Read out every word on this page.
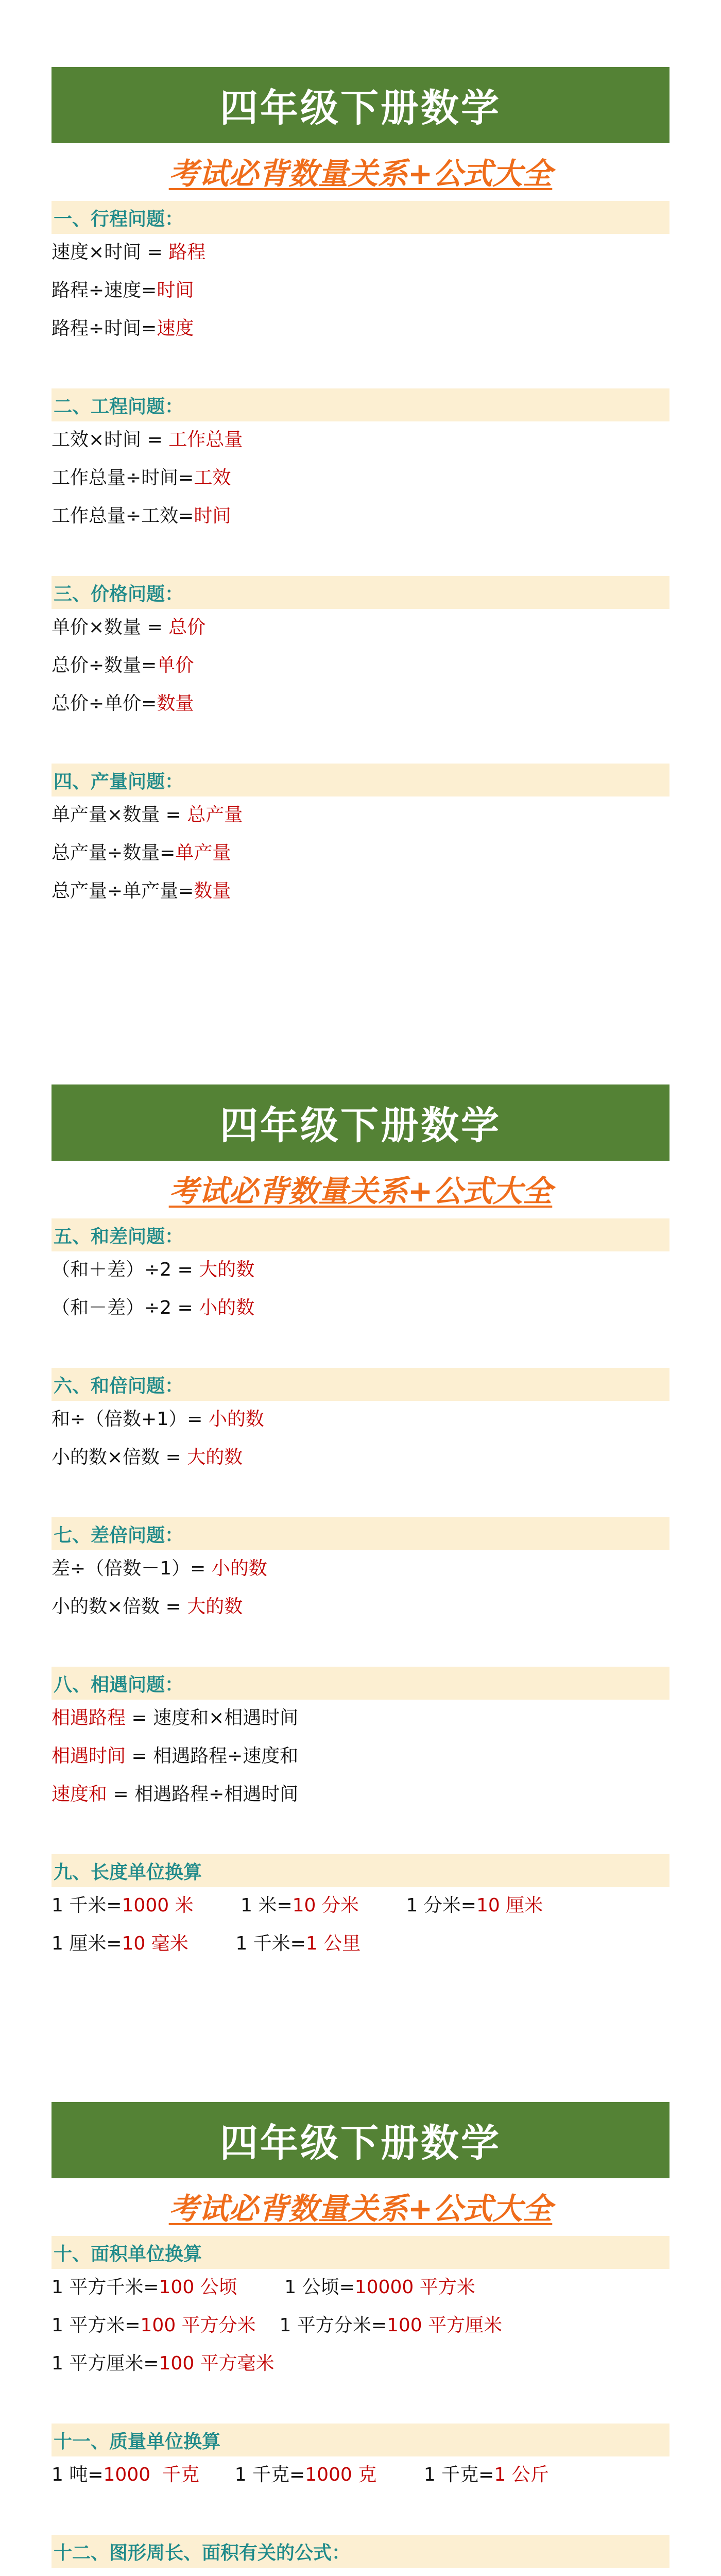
四年级下册数学
考试必背数量关系+公式大全
一、行程问题：
速度×时间 = 路程
路程÷速度=时间
路程÷时间=速度
二、工程问题：
工效×时间 = 工作总量
工作总量÷时间=工效
工作总量÷工效=时间
三、价格问题：
单价×数量 = 总价
总价÷数量=单价
总价÷单价=数量
四、产量问题：
单产量×数量 = 总产量
总产量÷数量=单产量
总产量÷单产量=数量
四年级下册数学
考试必背数量关系+公式大全
五、和差问题：
（和＋差）÷2 = 大的数
（和－差）÷2 = 小的数
六、和倍问题：
和÷（倍数+1）= 小的数
小的数×倍数 = 大的数
七、差倍问题：
差÷（倍数－1）= 小的数
小的数×倍数 = 大的数
八、相遇问题：
相遇路程 = 速度和×相遇时间
相遇时间 = 相遇路程÷速度和
速度和 = 相遇路程÷相遇时间
九、长度单位换算
1 千米=1000 米        1 米=10 分米        1 分米=10 厘米
1 厘米=10 毫米        1 千米=1 公里
四年级下册数学
考试必背数量关系+公式大全
十、面积单位换算
1 平方千米=100 公顷        1 公顷=10000 平方米
1 平方米=100 平方分米    1 平方分米=100 平方厘米
1 平方厘米=100 平方毫米
十一、质量单位换算
1 吨=1000  千克      1 千克=1000 克        1 千克=1 公斤
十二、图形周长、面积有关的公式：
